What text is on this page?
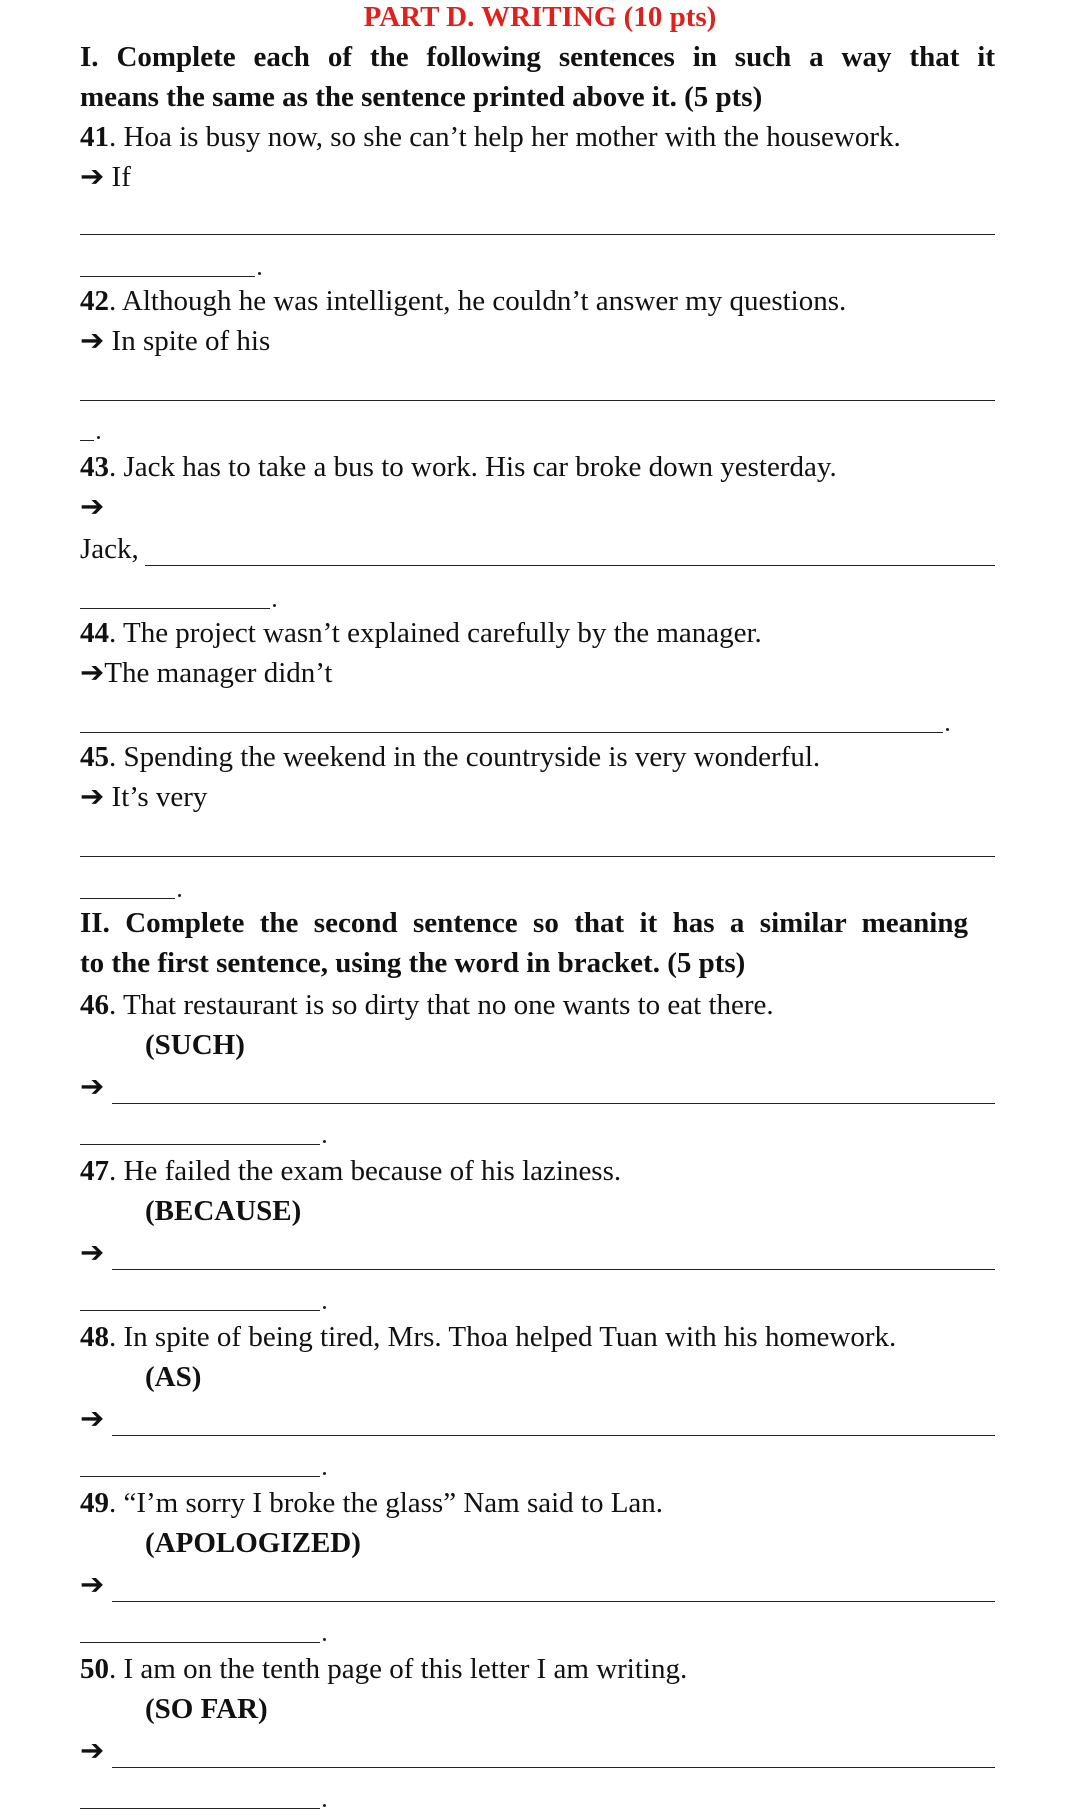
PART D. WRITING (10 pts)
I. Complete each of the following sentences in such a way that it
means the same as the sentence printed above it. (5 pts)
41. Hoa is busy now, so she can’t help her mother with the housework.
➔ If
42. Although he was intelligent, he couldn’t answer my questions.
➔ In spite of his
43. Jack has to take a bus to work. His car broke down yesterday.
➔
Jack,
44. The project wasn’t explained carefully by the manager.
➔The manager didn’t
45. Spending the weekend in the countryside is very wonderful.
➔ It’s very
II. Complete the second sentence so that it has a similar meaning
to the first sentence, using the word in bracket. (5 pts)
46. That restaurant is so dirty that no one wants to eat there.
(SUCH)
➔
47. He failed the exam because of his laziness.
(BECAUSE)
➔
48. In spite of being tired, Mrs. Thoa helped Tuan with his homework.
(AS)
➔
49. “I’m sorry I broke the glass” Nam said to Lan.
(APOLOGIZED)
➔
50. I am on the tenth page of this letter I am writing.
(SO FAR)
➔
